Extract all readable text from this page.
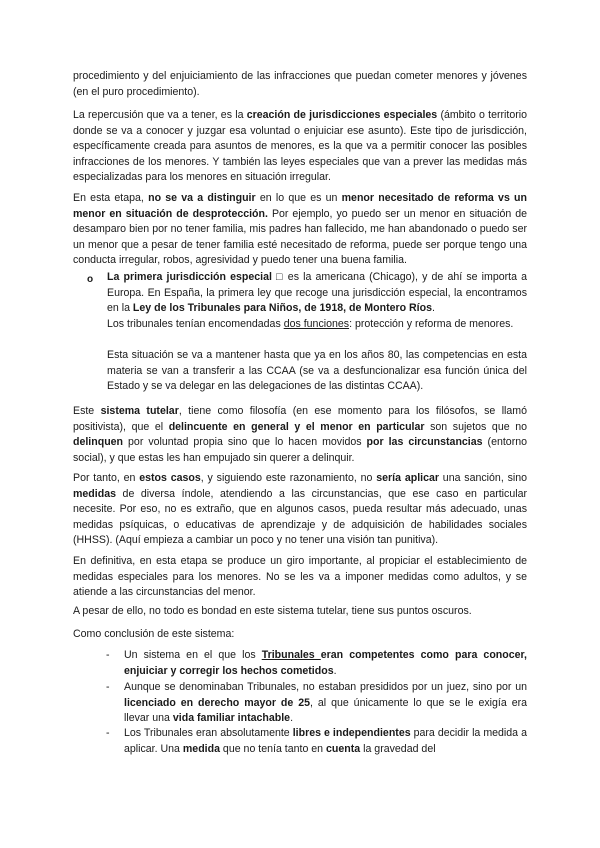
procedimiento y del enjuiciamiento de las infracciones que puedan cometer menores y jóvenes (en el puro procedimiento).

La repercusión que va a tener, es la creación de jurisdicciones especiales (ámbito o territorio donde se va a conocer y juzgar esa voluntad o enjuiciar ese asunto). Este tipo de jurisdicción, específicamente creada para asuntos de menores, es la que va a permitir conocer las posibles infracciones de los menores. Y también las leyes especiales que van a prever las medidas más especializadas para los menores en situación irregular.

En esta etapa, no se va a distinguir en lo que es un menor necesitado de reforma vs un menor en situación de desprotección. Por ejemplo, yo puedo ser un menor en situación de desamparo bien por no tener familia, mis padres han fallecido, me han abandonado o puedo ser un menor que a pesar de tener familia esté necesitado de reforma, puede ser porque tengo una conducta irregular, robos, agresividad y puedo tener una buena familia.

o La primera jurisdicción especial □ es la americana (Chicago), y de ahí se importa a Europa. En España, la primera ley que recoge una jurisdicción especial, la encontramos en la Ley de los Tribunales para Niños, de 1918, de Montero Ríos.

Los tribunales tenían encomendadas dos funciones: protección y reforma de menores.

Esta situación se va a mantener hasta que ya en los años 80, las competencias en esta materia se van a transferir a las CCAA (se va a desfuncionalizar esa función única del Estado y se va delegar en las delegaciones de las distintas CCAA).

Este sistema tutelar, tiene como filosofía (en ese momento para los filósofos, se llamó positivista), que el delincuente en general y el menor en particular son sujetos que no delinquen por voluntad propia sino que lo hacen movidos por las circunstancias (entorno social), y que estas les han empujado sin querer a delinquir.

Por tanto, en estos casos, y siguiendo este razonamiento, no sería aplicar una sanción, sino medidas de diversa índole, atendiendo a las circunstancias, que ese caso en particular necesite. Por eso, no es extraño, que en algunos casos, pueda resultar más adecuado, unas medidas psíquicas, o educativas de aprendizaje y de adquisición de habilidades sociales (HHSS). (Aquí empieza a cambiar un poco y no tener una visión tan punitiva).

En definitiva, en esta etapa se produce un giro importante, al propiciar el establecimiento de medidas especiales para los menores. No se les va a imponer medidas como adultos, y se atiende a las circunstancias del menor.

A pesar de ello, no todo es bondad en este sistema tutelar, tiene sus puntos oscuros.

Como conclusión de este sistema:

- Un sistema en el que los Tribunales eran competentes como para conocer, enjuiciar y corregir los hechos cometidos.

- Aunque se denominaban Tribunales, no estaban presididos por un juez, sino por un licenciado en derecho mayor de 25, al que únicamente lo que se le exigía era llevar una vida familiar intachable.

- Los Tribunales eran absolutamente libres e independientes para decidir la medida a aplicar. Una medida que no tenía tanto en cuenta la gravedad del
